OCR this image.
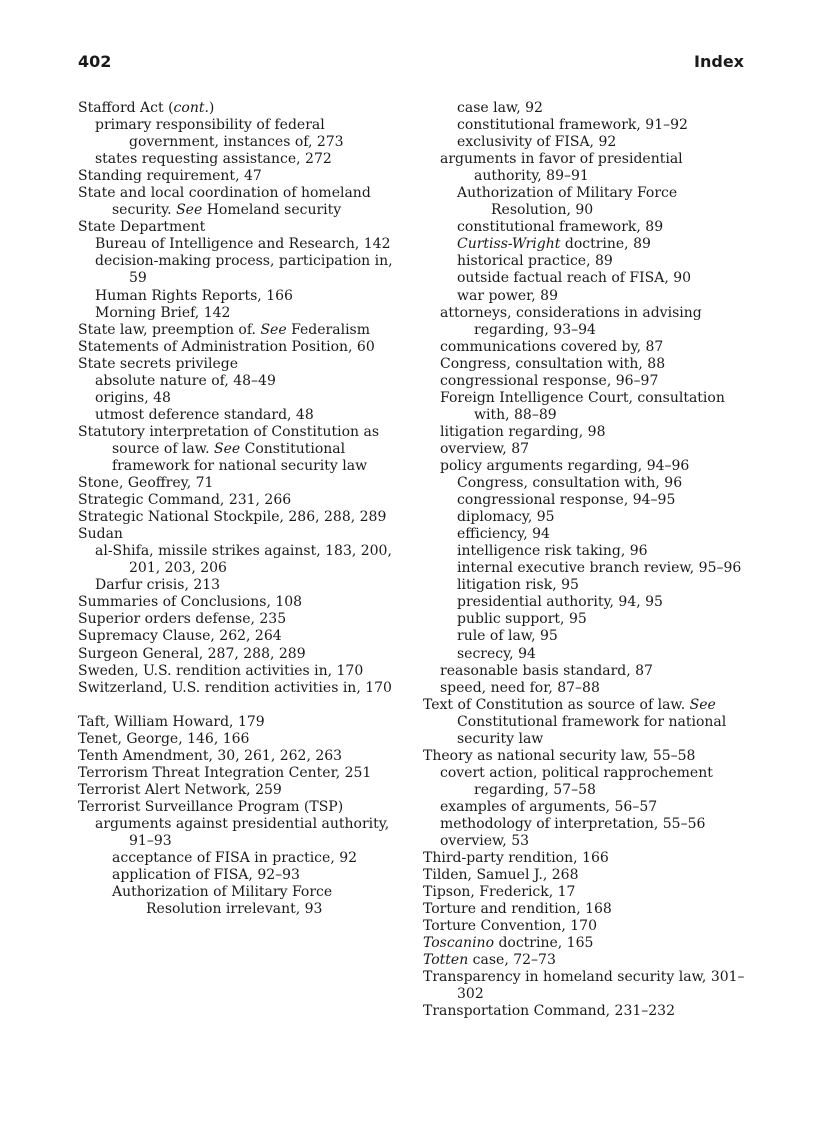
402	Index
Stafford Act (cont.)
primary responsibility of federal government, instances of, 273
states requesting assistance, 272
Standing requirement, 47
State and local coordination of homeland security. See Homeland security
State Department
Bureau of Intelligence and Research, 142
decision-making process, participation in, 59
Human Rights Reports, 166
Morning Brief, 142
State law, preemption of. See Federalism
Statements of Administration Position, 60
State secrets privilege
absolute nature of, 48–49
origins, 48
utmost deference standard, 48
Statutory interpretation of Constitution as source of law. See Constitutional framework for national security law
Stone, Geoffrey, 71
Strategic Command, 231, 266
Strategic National Stockpile, 286, 288, 289
Sudan
al-Shifa, missile strikes against, 183, 200, 201, 203, 206
Darfur crisis, 213
Summaries of Conclusions, 108
Superior orders defense, 235
Supremacy Clause, 262, 264
Surgeon General, 287, 288, 289
Sweden, U.S. rendition activities in, 170
Switzerland, U.S. rendition activities in, 170
Taft, William Howard, 179
Tenet, George, 146, 166
Tenth Amendment, 30, 261, 262, 263
Terrorism Threat Integration Center, 251
Terrorist Alert Network, 259
Terrorist Surveillance Program (TSP)
arguments against presidential authority, 91–93
acceptance of FISA in practice, 92
application of FISA, 92–93
Authorization of Military Force Resolution irrelevant, 93
case law, 92
constitutional framework, 91–92
exclusivity of FISA, 92
arguments in favor of presidential authority, 89–91
Authorization of Military Force Resolution, 90
constitutional framework, 89
Curtiss-Wright doctrine, 89
historical practice, 89
outside factual reach of FISA, 90
war power, 89
attorneys, considerations in advising regarding, 93–94
communications covered by, 87
Congress, consultation with, 88
congressional response, 96–97
Foreign Intelligence Court, consultation with, 88–89
litigation regarding, 98
overview, 87
policy arguments regarding, 94–96
Congress, consultation with, 96
congressional response, 94–95
diplomacy, 95
efficiency, 94
intelligence risk taking, 96
internal executive branch review, 95–96
litigation risk, 95
presidential authority, 94, 95
public support, 95
rule of law, 95
secrecy, 94
reasonable basis standard, 87
speed, need for, 87–88
Text of Constitution as source of law. See Constitutional framework for national security law
Theory as national security law, 55–58
covert action, political rapprochement regarding, 57–58
examples of arguments, 56–57
methodology of interpretation, 55–56
overview, 53
Third-party rendition, 166
Tilden, Samuel J., 268
Tipson, Frederick, 17
Torture and rendition, 168
Torture Convention, 170
Toscanino doctrine, 165
Totten case, 72–73
Transparency in homeland security law, 301–302
Transportation Command, 231–232
